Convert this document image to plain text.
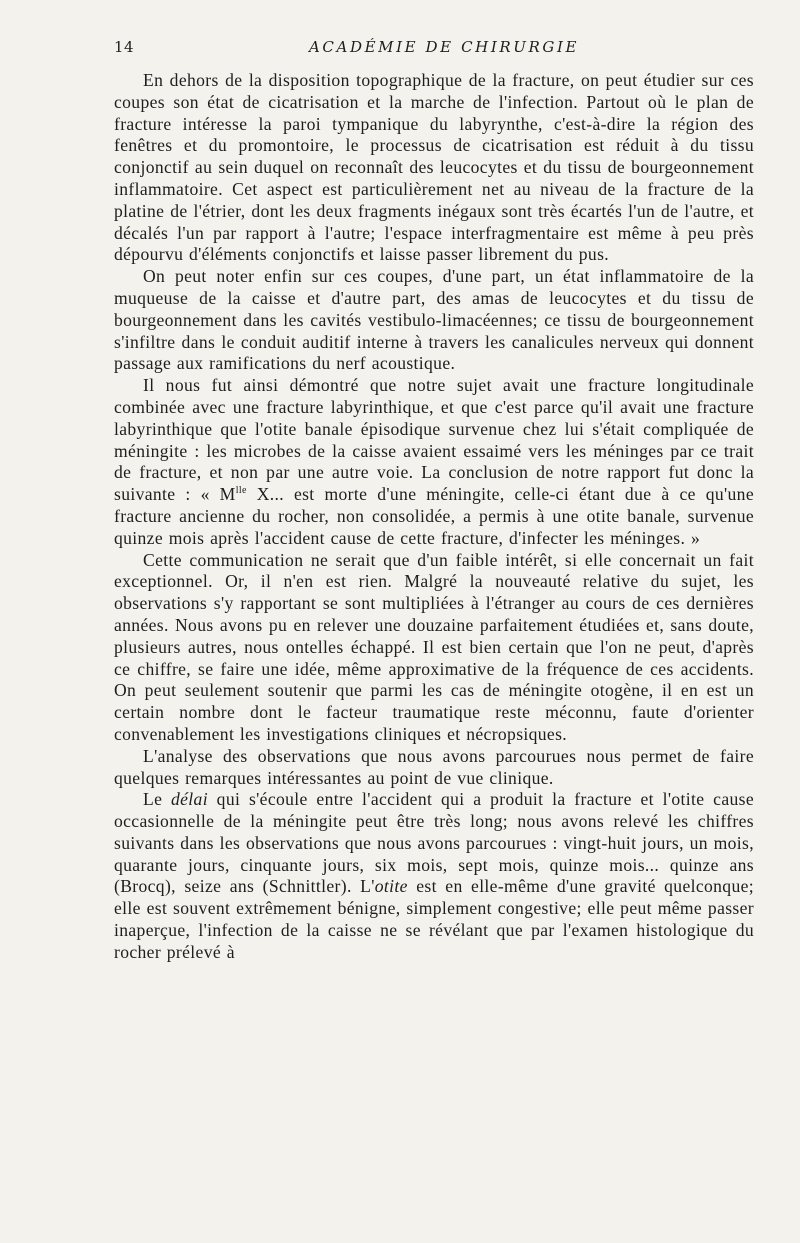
14	ACADÉMIE DE CHIRURGIE

En dehors de la disposition topographique de la fracture, on peut étudier sur ces coupes son état de cicatrisation et la marche de l'infection. Partout où le plan de fracture intéresse la paroi tympanique du labyrynthe, c'est-à-dire la région des fenêtres et du promontoire, le processus de cicatrisation est réduit à du tissu conjonctif au sein duquel on reconnaît des leucocytes et du tissu de bourgeonnement inflammatoire. Cet aspect est particulièrement net au niveau de la fracture de la platine de l'étrier, dont les deux fragments inégaux sont très écartés l'un de l'autre, et décalés l'un par rapport à l'autre; l'espace interfragmentaire est même à peu près dépourvu d'éléments conjonctifs et laisse passer librement du pus.

On peut noter enfin sur ces coupes, d'une part, un état inflammatoire de la muqueuse de la caisse et d'autre part, des amas de leucocytes et du tissu de bourgeonnement dans les cavités vestibulo-limacéennes; ce tissu de bourgeonnement s'infiltre dans le conduit auditif interne à travers les canalicules nerveux qui donnent passage aux ramifications du nerf acoustique.

Il nous fut ainsi démontré que notre sujet avait une fracture longitudinale combinée avec une fracture labyrinthique, et que c'est parce qu'il avait une fracture labyrinthique que l'otite banale épisodique survenue chez lui s'était compliquée de méningite : les microbes de la caisse avaient essaimé vers les méninges par ce trait de fracture, et non par une autre voie. La conclusion de notre rapport fut donc la suivante : « $M^{lle}$ X... est morte d'une méningite, celle-ci étant due à ce qu'une fracture ancienne du rocher, non consolidée, a permis à une otite banale, survenue quinze mois après l'accident cause de cette fracture, d'infecter les méninges. »

Cette communication ne serait que d'un faible intérêt, si elle concernait un fait exceptionnel. Or, il n'en est rien. Malgré la nouveauté relative du sujet, les observations s'y rapportant se sont multipliées à l'étranger au cours de ces dernières années. Nous avons pu en relever une douzaine parfaitement étudiées et, sans doute, plusieurs autres, nous ontelles échappé. Il est bien certain que l'on ne peut, d'après ce chiffre, se faire une idée, même approximative de la fréquence de ces accidents. On peut seulement soutenir que parmi les cas de méningite otogène, il en est un certain nombre dont le facteur traumatique reste méconnu, faute d'orienter convenablement les investigations cliniques et nécropsiques.

L'analyse des observations que nous avons parcourues nous permet de faire quelques remarques intéressantes au point de vue clinique.

Le délai qui s'écoule entre l'accident qui a produit la fracture et l'otite cause occasionnelle de la méningite peut être très long; nous avons relevé les chiffres suivants dans les observations que nous avons parcourues : vingt-huit jours, un mois, quarante jours, cinquante jours, six mois, sept mois, quinze mois... quinze ans (Brocq), seize ans (Schnittler). L'otite est en elle-même d'une gravité quelconque; elle est souvent extrêmement bénigne, simplement congestive; elle peut même passer inaperçue, l'infection de la caisse ne se révélant que par l'examen histologique du rocher prélevé à
